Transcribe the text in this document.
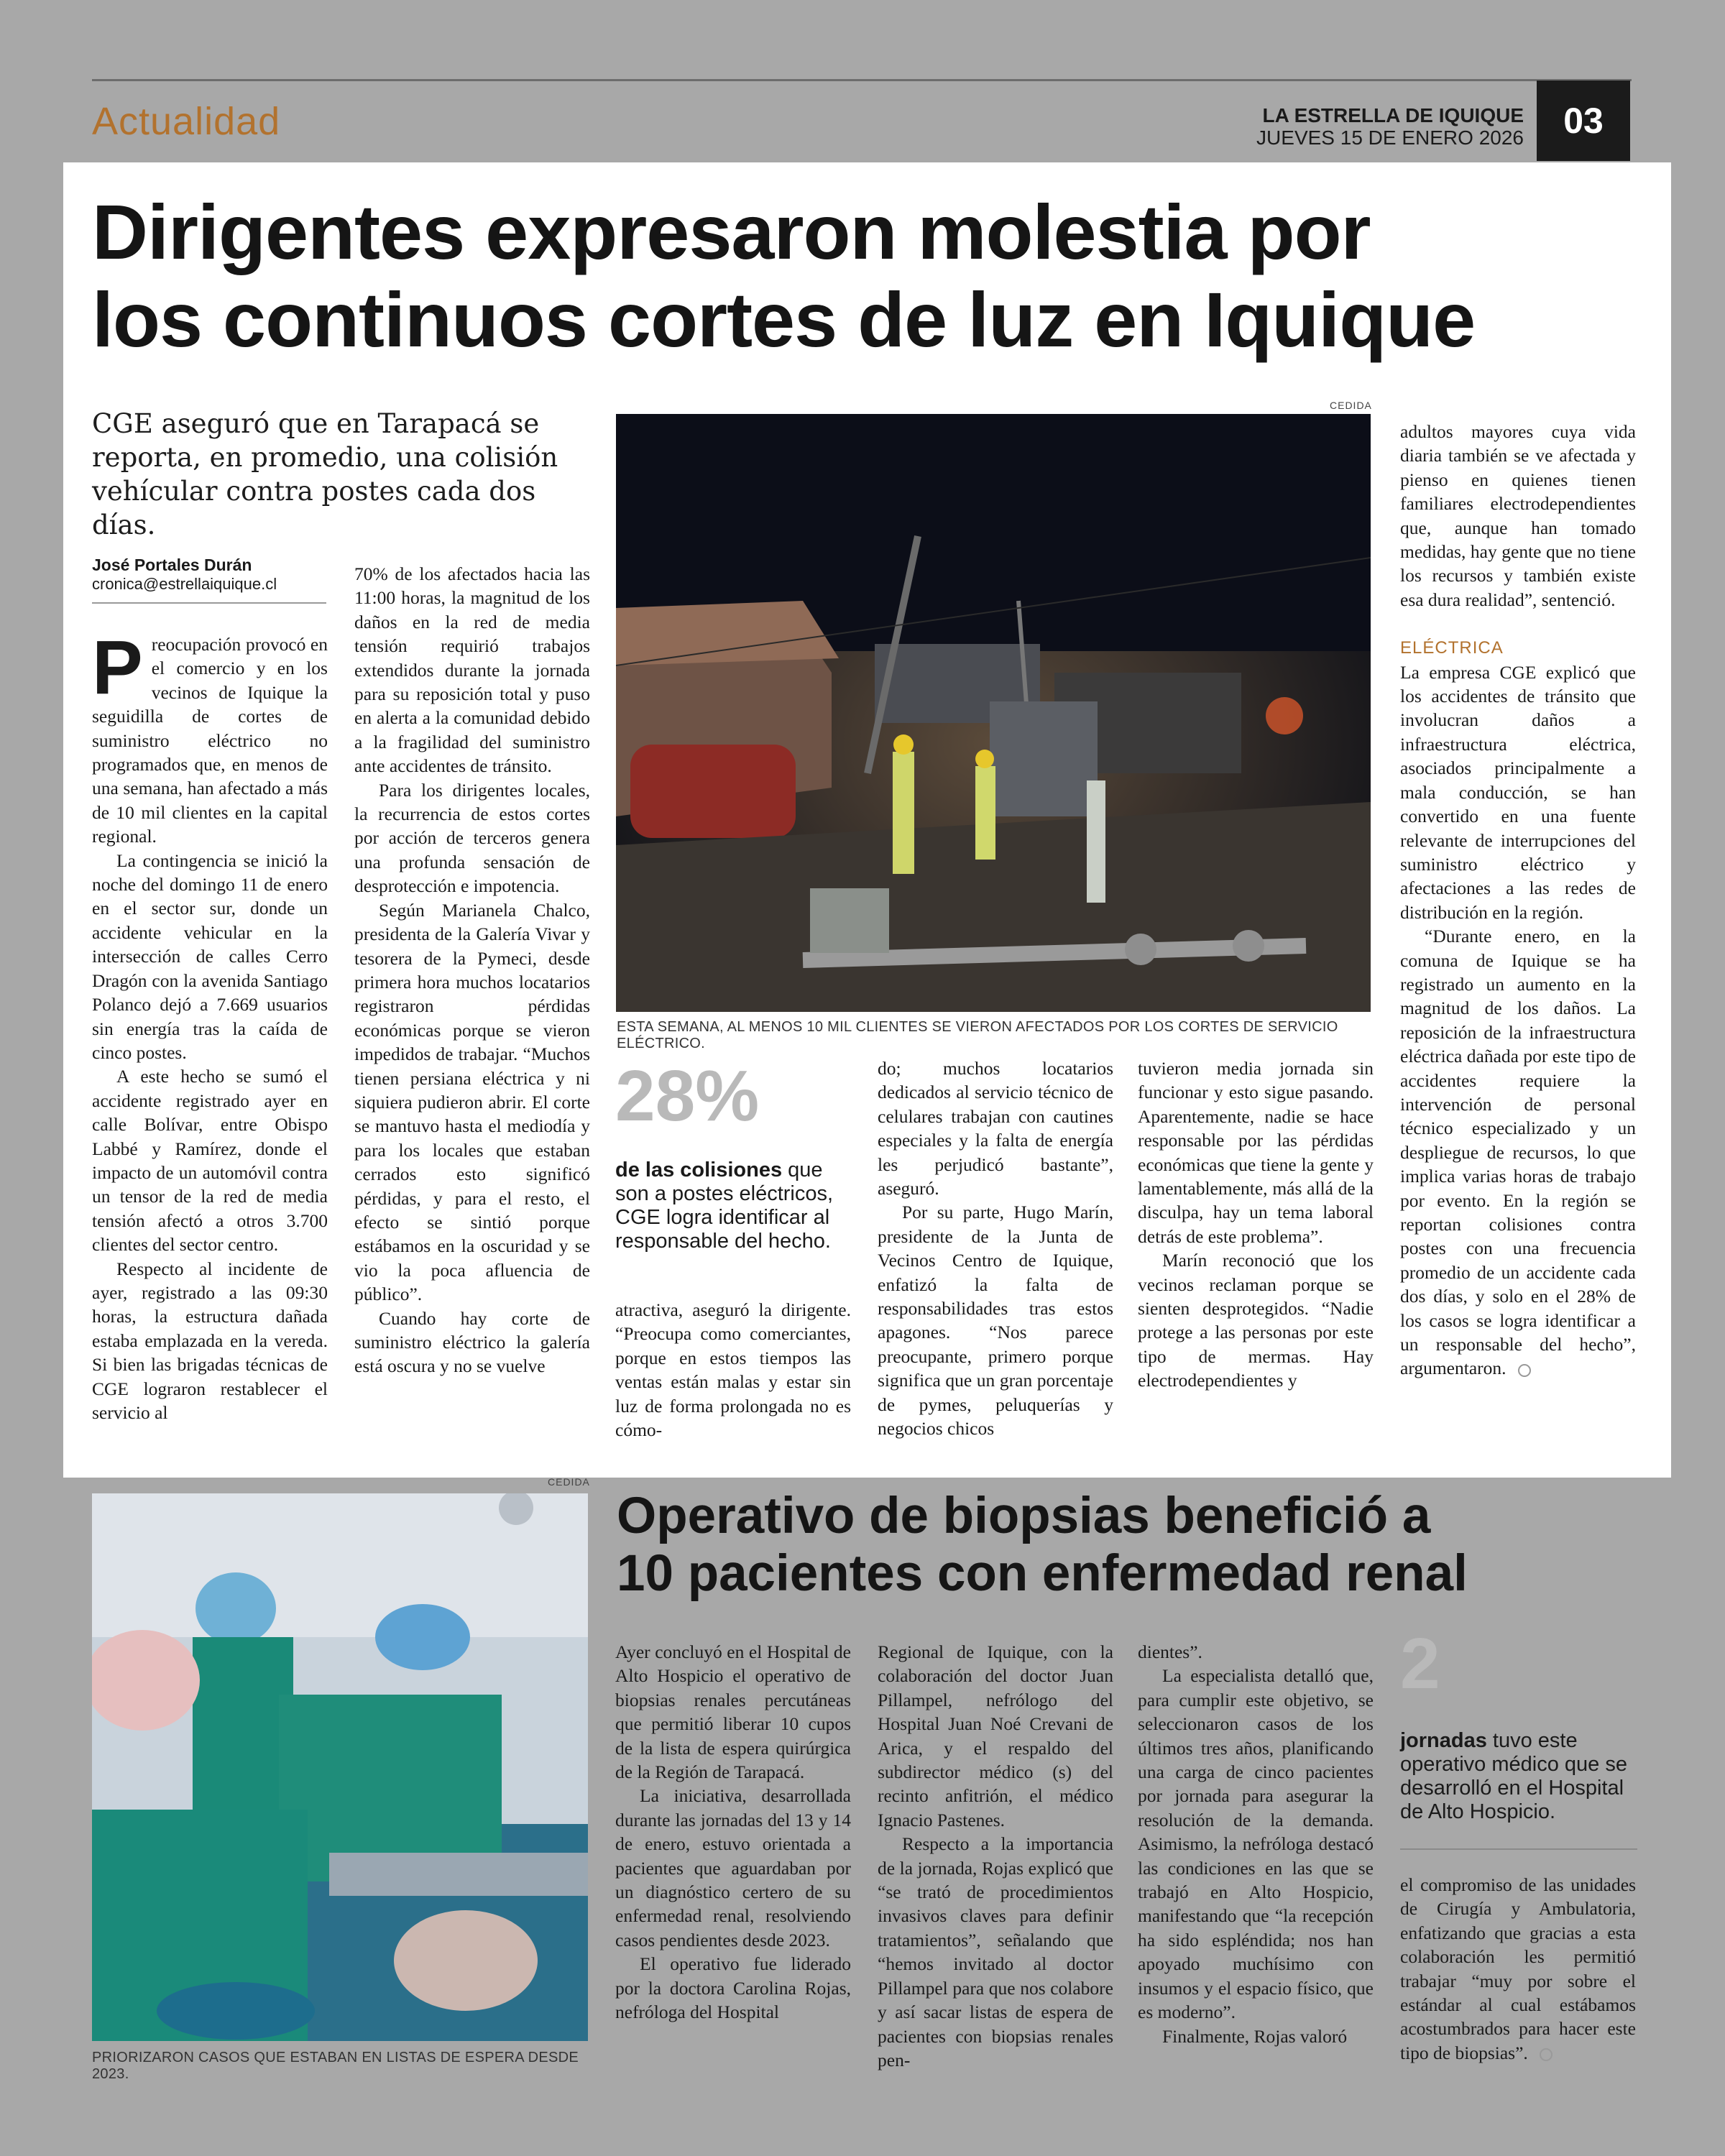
Actualidad	LA ESTRELLA DE IQUIQUE
JUEVES 15 DE ENERO 2026	03
Dirigentes expresaron molestia por
los continuos cortes de luz en Iquique
CGE aseguró que en Tarapacá se reporta, en promedio, una colisión vehícular contra postes cada dos días.
José Portales Durán
cronica@estrellaiquique.cl
P reocupación provocó en el comercio y en los vecinos de Iquique la seguidilla de cortes de suministro eléctrico no programados que, en menos de una semana, han afectado a más de 10 mil clientes en la capital regional.

La contingencia se inició la noche del domingo 11 de enero en el sector sur, donde un accidente vehicular en la intersección de calles Cerro Dragón con la avenida Santiago Polanco dejó a 7.669 usuarios sin energía tras la caída de cinco postes.

A este hecho se sumó el accidente registrado ayer en calle Bolívar, entre Obispo Labbé y Ramírez, donde el impacto de un automóvil contra un tensor de la red de media tensión afectó a otros 3.700 clientes del sector centro.

Respecto al incidente de ayer, registrado a las 09:30 horas, la estructura dañada estaba emplazada en la vereda. Si bien las brigadas técnicas de CGE lograron restablecer el servicio al

70% de los afectados hacia las 11:00 horas, la magnitud de los daños en la red de media tensión requirió trabajos extendidos durante la jornada para su reposición total y puso en alerta a la comunidad debido a la fragilidad del suministro ante accidentes de tránsito.

Para los dirigentes locales, la recurrencia de estos cortes por acción de terceros genera una profunda sensación de desprotección e impotencia.

Según Marianela Chalco, presidenta de la Galería Vivar y tesorera de la Pymeci, desde primera hora muchos locatarios registraron pérdidas económicas porque se vieron impedidos de trabajar. “Muchos tienen persiana eléctrica y ni siquiera pudieron abrir. El corte se mantuvo hasta el mediodía y para los locales que estaban cerrados esto significó pérdidas, y para el resto, el efecto se sintió porque estábamos en la oscuridad y se vio la poca afluencia de público”.

Cuando hay corte de suministro eléctrico la galería está oscura y no se vuelve

CEDIDA
ESTA SEMANA, AL MENOS 10 MIL CLIENTES SE VIERON AFECTADOS POR LOS CORTES DE SERVICIO ELÉCTRICO.
28%
de las colisiones que son a postes eléctricos, CGE logra identificar al responsable del hecho.

atractiva, aseguró la dirigente. “Preocupa como comerciantes, porque en estos tiempos las ventas están malas y estar sin luz de forma prolongada no es cómo-

do; muchos locatarios dedicados al servicio técnico de celulares trabajan con cautines especiales y la falta de energía les perjudicó bastante”, aseguró.

Por su parte, Hugo Marín, presidente de la Junta de Vecinos Centro de Iquique, enfatizó la falta de responsabilidades tras estos apagones. “Nos parece preocupante, primero porque significa que un gran porcentaje de pymes, peluquerías y negocios chicos

tuvieron media jornada sin funcionar y esto sigue pasando. Aparentemente, nadie se hace responsable por las pérdidas económicas que tiene la gente y lamentablemente, más allá de la disculpa, hay un tema laboral detrás de este problema”.

Marín reconoció que los vecinos reclaman porque se sienten desprotegidos. “Nadie protege a las personas por este tipo de mermas. Hay electrodependientes y

adultos mayores cuya vida diaria también se ve afectada y pienso en quienes tienen familiares electrodependientes que, aunque han tomado medidas, hay gente que no tiene los recursos y también existe esa dura realidad”, sentenció.

ELÉCTRICA

La empresa CGE explicó que los accidentes de tránsito que involucran daños a infraestructura eléctrica, asociados principalmente a mala conducción, se han convertido en una fuente relevante de interrupciones del suministro eléctrico y afectaciones a las redes de distribución en la región.

“Durante enero, en la comuna de Iquique se ha registrado un aumento en la magnitud de los daños. La reposición de la infraestructura eléctrica dañada por este tipo de accidentes requiere la intervención de personal técnico especializado y un despliegue de recursos, lo que implica varias horas de trabajo por evento. En la región se reportan colisiones contra postes con una frecuencia promedio de un accidente cada dos días, y solo en el 28% de los casos se logra identificar a un responsable del hecho”, argumentaron.

CEDIDA
PRIORIZARON CASOS QUE ESTABAN EN LISTAS DE ESPERA DESDE 2023.
Operativo de biopsias benefició a
10 pacientes con enfermedad renal

Ayer concluyó en el Hospital de Alto Hospicio el operativo de biopsias renales percutáneas que permitió liberar 10 cupos de la lista de espera quirúrgica de la Región de Tarapacá.

La iniciativa, desarrollada durante las jornadas del 13 y 14 de enero, estuvo orientada a pacientes que aguardaban por un diagnóstico certero de su enfermedad renal, resolviendo casos pendientes desde 2023.

El operativo fue liderado por la doctora Carolina Rojas, nefróloga del Hospital

Regional de Iquique, con la colaboración del doctor Juan Pillampel, nefrólogo del Hospital Juan Noé Crevani de Arica, y el respaldo del subdirector médico (s) del recinto anfitrión, el médico Ignacio Pastenes.

Respecto a la importancia de la jornada, Rojas explicó que “se trató de procedimientos invasivos claves para definir tratamientos”, señalando que “hemos invitado al doctor Pillampel para que nos colabore y así sacar listas de espera de pacientes con biopsias renales pen-

dientes”.

La especialista detalló que, para cumplir este objetivo, se seleccionaron casos de los últimos tres años, planificando una carga de cinco pacientes por jornada para asegurar la resolución de la demanda. Asimismo, la nefróloga destacó las condiciones en las que se trabajó en Alto Hospicio, manifestando que “la recepción ha sido espléndida; nos han apoyado muchísimo con insumos y el espacio físico, que es moderno”.

Finalmente, Rojas valoró

2
jornadas tuvo este operativo médico que se desarrolló en el Hospital de Alto Hospicio.

el compromiso de las unidades de Cirugía y Ambulatoria, enfatizando que gracias a esta colaboración les permitió trabajar “muy por sobre el estándar al cual estábamos acostumbrados para hacer este tipo de biopsias”.
